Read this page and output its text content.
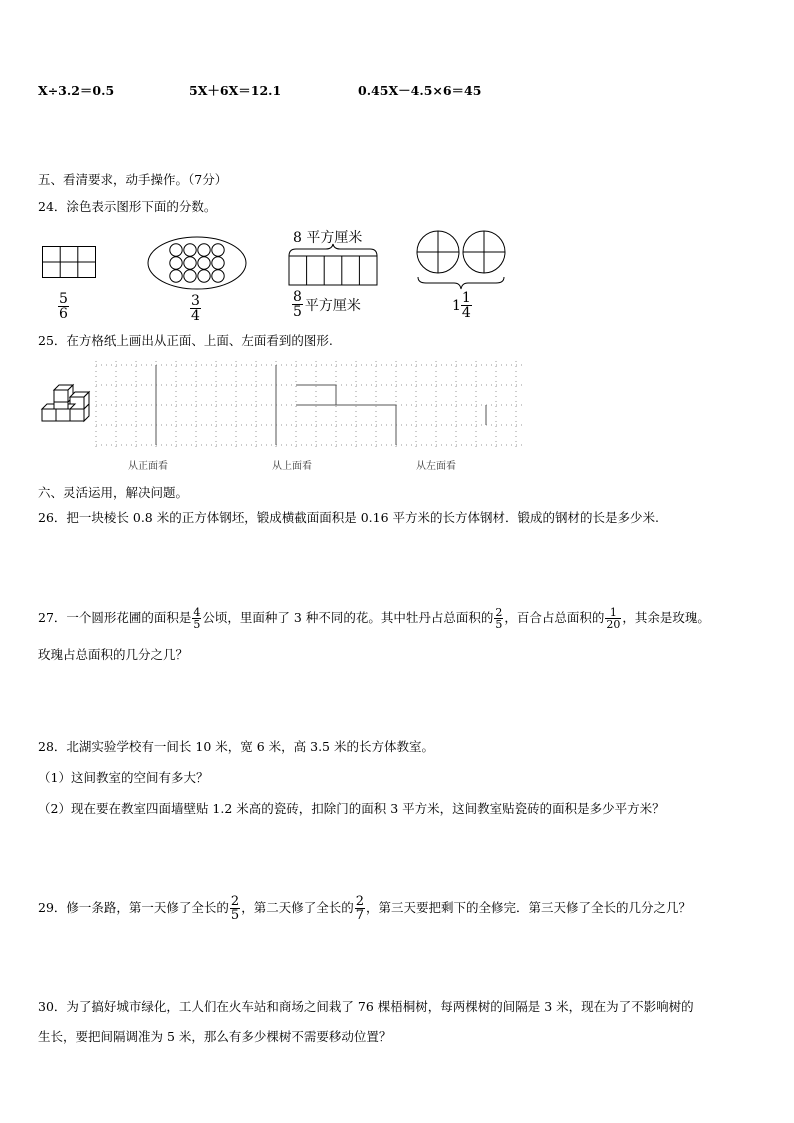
X÷3.2＝0.5	5X＋6X＝12.1	0.45X－4.5×6＝45
五、看清要求，动手操作。（7分）
24．涂色表示图形下面的分数。
$\frac{5}{6}$	$\frac{3}{4}$
8 平方厘米
$\frac{8}{5}$ 平方厘米	$1 \frac{1}{4}$
25．在方格纸上画出从正面、上面、左面看到的图形.
从正面看	从上面看	从左面看
六、灵活运用，解决问题。
26．把一块棱长 0.8 米的正方体钢坯，锻成横截面面积是 0.16 平方米的长方体钢材．锻成的钢材的长是多少米.
27．一个圆形花圃的面积是 $\frac{4}{5}$ 公顷，里面种了 3 种不同的花。其中牡丹占总面积的 $\frac{2}{5}$ ，百合占总面积的 $\frac{1}{20}$ ，其余是玫瑰。
玫瑰占总面积的几分之几？
28．北湖实验学校有一间长 10 米，宽 6 米，高 3.5 米的长方体教室。
（1）这间教室的空间有多大？
（2）现在要在教室四面墙壁贴 1.2 米高的瓷砖，扣除门的面积 3 平方米，这间教室贴瓷砖的面积是多少平方米？
29．修一条路，第一天修了全长的 $\frac{2}{5}$ ，第二天修了全长的 $\frac{2}{7}$ ，第三天要把剩下的全修完．第三天修了全长的几分之几？
30．为了搞好城市绿化，工人们在火车站和商场之间栽了 76 棵梧桐树，每两棵树的间隔是 3 米，现在为了不影响树的
生长，要把间隔调准为 5 米，那么有多少棵树不需要移动位置？
